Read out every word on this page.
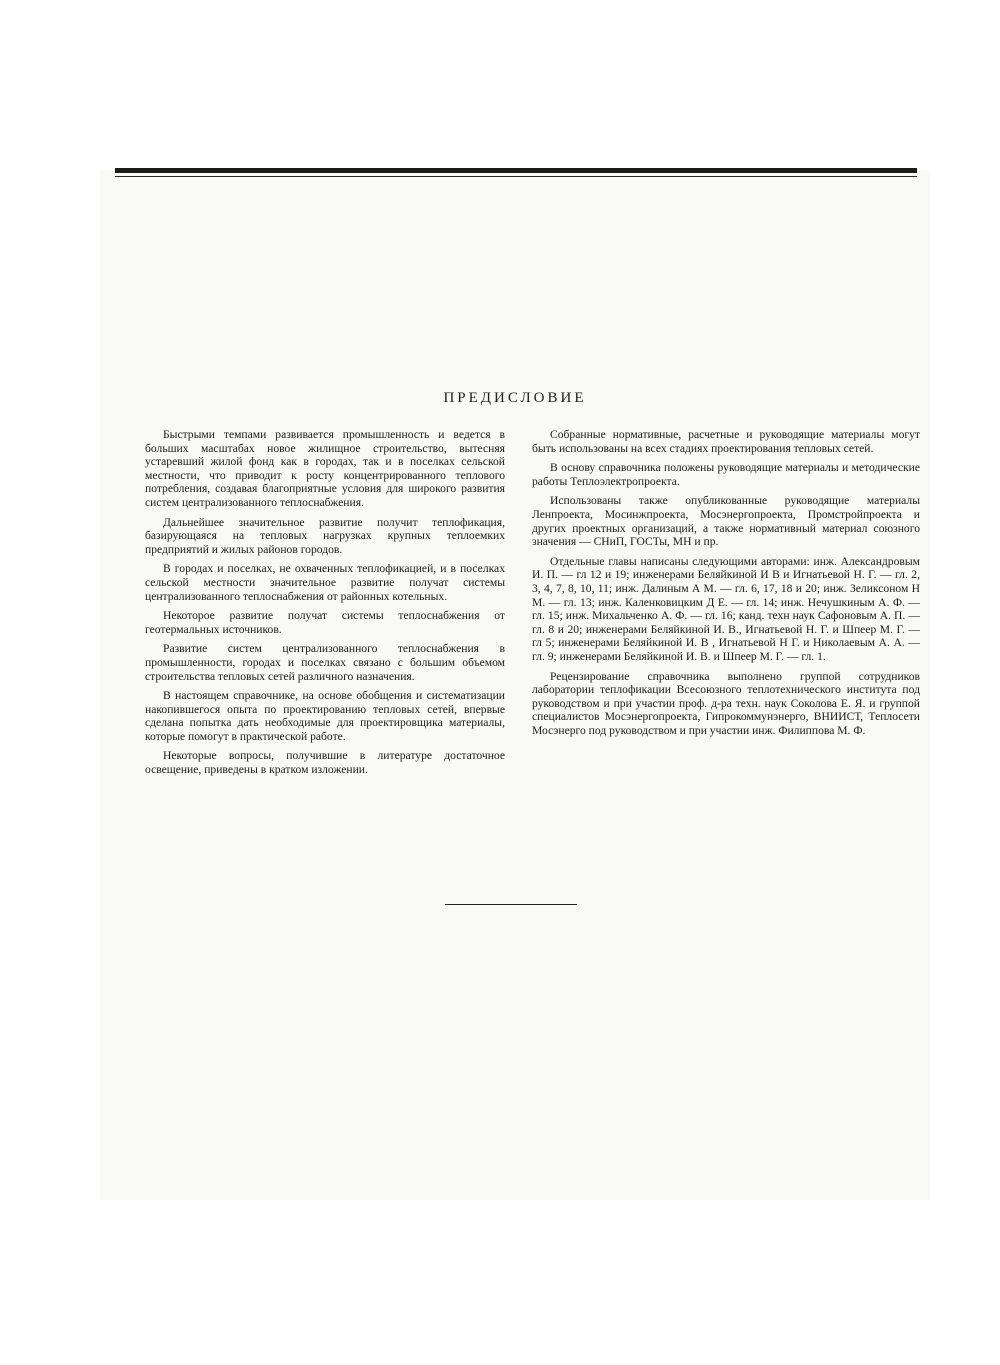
ПРЕДИСЛОВИЕ

Быстрыми темпами развивается промышленность и ведется в больших масштабах новое жилищное строительство, вытесняя устаревший жилой фонд как в городах, так и в поселках сельской местности, что приводит к росту концентрированного теплового потребления, создавая благоприятные условия для широкого развития систем централизованного теплоснабжения.

Дальнейшее значительное развитие получит теплофикация, базирующаяся на тепловых нагрузках крупных теплоемких предприятий и жилых районов городов.

В городах и поселках, не охваченных теплофикацией, и в поселках сельской местности значительное развитие получат системы централизованного теплоснабжения от районных котельных.

Некоторое развитие получат системы теплоснабжения от геотермальных источников.

Развитие систем централизованного теплоснабжения в промышленности, городах и поселках связано с большим объемом строительства тепловых сетей различного назначения.

В настоящем справочнике, на основе обобщения и систематизации накопившегося опыта по проектированию тепловых сетей, впервые сделана попытка дать необходимые для проектировщика материалы, которые помогут в практической работе.

Некоторые вопросы, получившие в литературе достаточное освещение, приведены в кратком изложении.

Собранные нормативные, расчетные и руководящие материалы могут быть использованы на всех стадиях проектирования тепловых сетей.

В основу справочника положены руководящие материалы и методические работы Теплоэлектропроекта.

Использованы также опубликованные руководящие материалы Ленпроекта, Мосинжпроекта, Мосэнергопроекта, Промстройпроекта и других проектных организаций, а также нормативный материал союзного значения — СНиП, ГОСТы, МН и пр.

Отдельные главы написаны следующими авторами: инж. Александровым И. П. — гл 12 и 19; инженерами Беляйкиной И В и Игнатьевой Н. Г. — гл. 2, 3, 4, 7, 8, 10, 11; инж. Далиным А М. — гл. 6, 17, 18 и 20; инж. Зеликсоном Н М. — гл. 13; инж. Каленковицким Д Е. — гл. 14; инж. Нечушкиным А. Ф. — гл. 15; инж. Михальченко А. Ф. — гл. 16; канд. техн наук Сафоновым А. П. — гл. 8 и 20; инженерами Беляйкиной И. В., Игнатьевой Н. Г. и Шпеер М. Г. — гл 5; инженерами Беляйкиной И. В , Игнатьевой Н Г. и Николаевым А. А. — гл. 9; инженерами Беляйкиной И. В. и Шпеер М. Г. — гл. 1.

Рецензирование справочника выполнено группой сотрудников лаборатории теплофикации Всесоюзного теплотехнического института под руководством и при участии проф. д-ра техн. наук Соколова Е. Я. и группой специалистов Мосэнергопроекта, Гипрокоммунэнерго, ВНИИСТ, Теплосети Мосэнерго под руководством и при участии инж. Филиппова М. Ф.
